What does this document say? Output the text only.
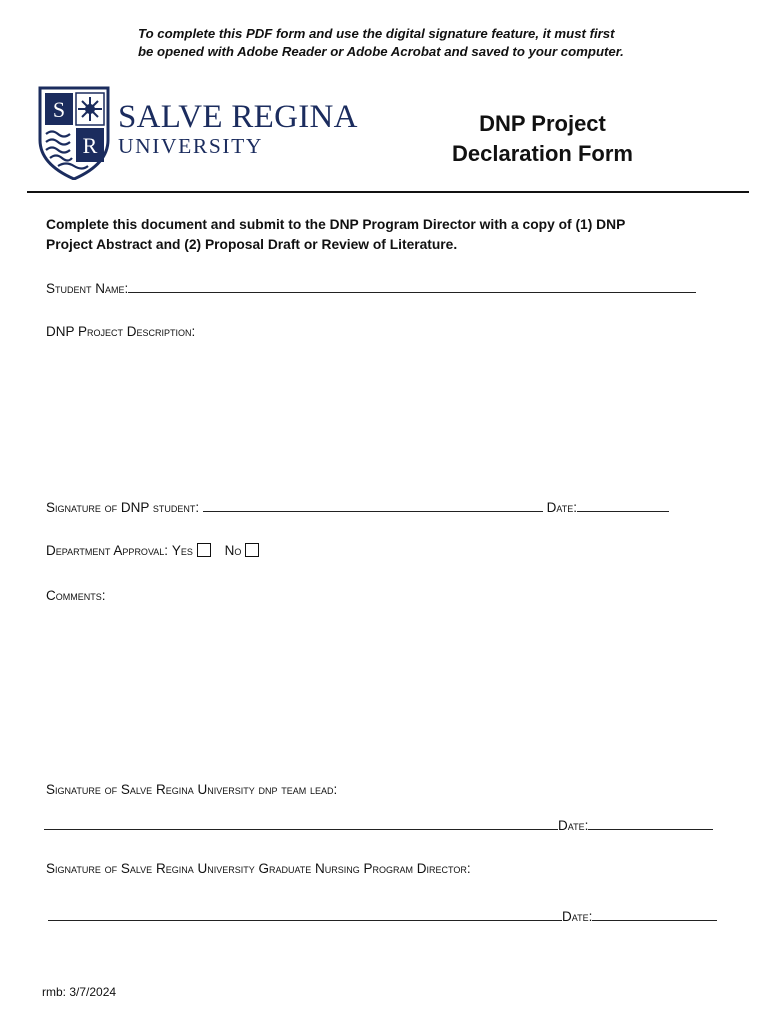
To complete this PDF form and use the digital signature feature, it must first
be opened with Adobe Reader or Adobe Acrobat and saved to your computer.
S
R
SALVE REGINA
UNIVERSITY
DNP Project
Declaration Form
Complete this document and submit to the DNP Program Director with a copy of (1) DNP
Project Abstract and (2) Proposal Draft or Review of Literature.
Student Name:
DNP Project Description:
Signature of DNP student:	Date:
Department Approval: Yes No
Comments:
Signature of Salve Regina University dnp team lead:
Date:
Signature of Salve Regina University Graduate Nursing Program Director:
Date:
rmb: 3/7/2024
